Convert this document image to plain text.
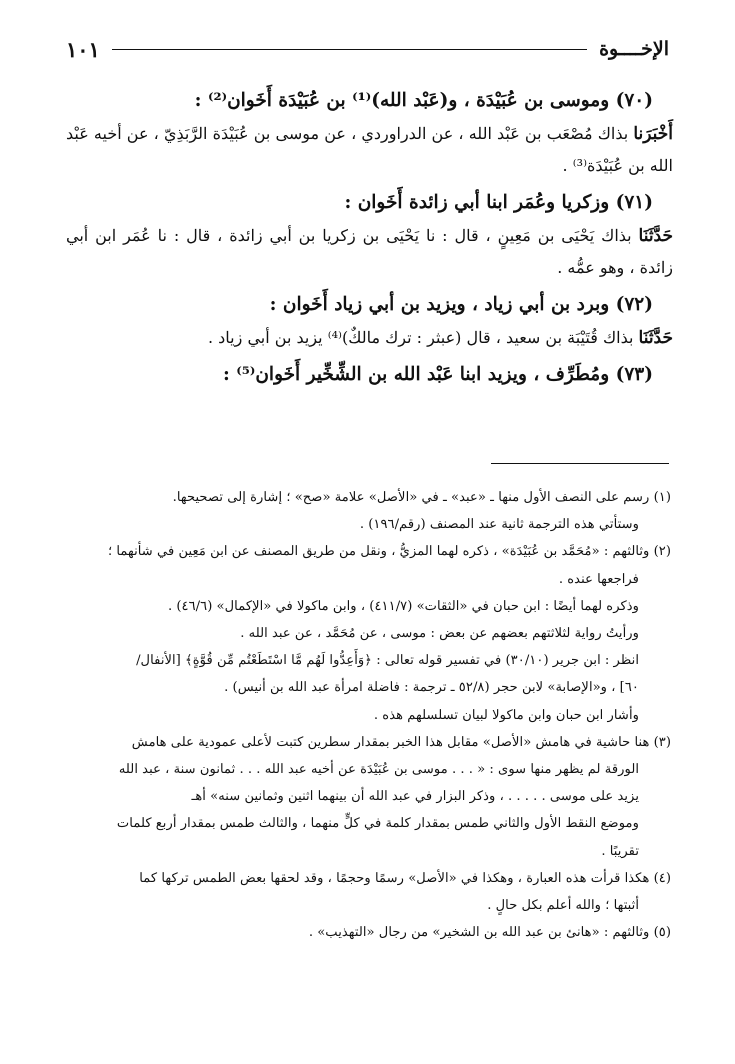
الإخــــوة
١٠١
(٧٠) وموسى بن عُبَيْدَة ، و(عَبْد الله)⁽¹⁾ بن عُبَيْدَة أَخَوان⁽²⁾ :
أَخْبَرَنا بذاك مُصْعَب بن عَبْد الله ، عن الدراوردي ، عن موسى بن عُبَيْدَة الرَّبَذِيّ ، عن أخيه عَبْد الله بن عُبَيْدَة⁽³⁾ .
(٧١) وزكريا وعُمَر ابنا أبي زائدة أَخَوان :
حَدَّثَنَا بذاك يَحْيَى بن مَعِينٍ ، قال : نا يَحْيَى بن زكريا بن أبي زائدة ، قال : نا عُمَر ابن أبي زائدة ، وهو عمُّه .
(٧٢) وبرد بن أبي زياد ، ويزيد بن أبي زياد أَخَوان :
حَدَّثَنَا بذاك قُتَيْبَة بن سعيد ، قال (عبثر : ترك مالكٌ)⁽⁴⁾ يزيد بن أبي زياد .
(٧٣) ومُطَرِّف ، ويزيد ابنا عَبْد الله بن الشِّخِّير أَخَوان⁽⁵⁾ :
(١) رسم على النصف الأول منها ـ «عبد» ـ في «الأصل» علامة «صح» ؛ إشارة إلى تصحيحها.
وستأتي هذه الترجمة ثانية عند المصنف (رقم/١٩٦) .
(٢) وثالثهم : «مُحَمَّد بن عُبَيْدَة» ، ذكره لهما المزيُّ ، ونقل من طريق المصنف عن ابن مَعِين في شأنهما ؛
فراجعها عنده .
وذكره لهما أيضًا : ابن حبان في «الثقات» (٤١١/٧) ، وابن ماكولا في «الإكمال» (٤٦/٦) .
ورأيتُ رواية لثلاثتهم بعضهم عن بعض : موسى ، عن مُحَمَّد ، عن عبد الله .
انظر : ابن جرير (٣٠/١٠) في تفسير قوله تعالى : ﴿وَأَعِدُّوا لَهُم مَّا اسْتَطَعْتُم مِّن قُوَّةٍ﴾ [الأنفال/
٦٠] ، و«الإصابة» لابن حجر (٥٢/٨ ـ ترجمة : فاضلة امرأة عبد الله بن أنيس) .
وأشار ابن حبان وابن ماكولا لبيان تسلسلهم هذه .
(٣) هنا حاشية في هامش «الأصل» مقابل هذا الخبر بمقدار سطرين كتبت لأعلى عمودية على هامش
الورقة لم يظهر منها سوى : « . . . موسى بن عُبَيْدَة عن أخيه عبد الله . . . ثمانون سنة ، عبد الله
يزيد على موسى . . . . . ، وذكر البزار في عبد الله أن بينهما اثنين وثمانين سنه» أهـ
وموضع النقط الأول والثاني طمس بمقدار كلمة في كلٍّ منهما ، والثالث طمس بمقدار أربع كلمات
تقريبًا .
(٤) هكذا قرأت هذه العبارة ، وهكذا في «الأصل» رسمًا وحجمًا ، وقد لحقها بعض الطمس تركها كما
أثبتها ؛ والله أعلم بكل حالٍ .
(٥) وثالثهم : «هانئ بن عبد الله بن الشخير» من رجال «التهذيب» .
